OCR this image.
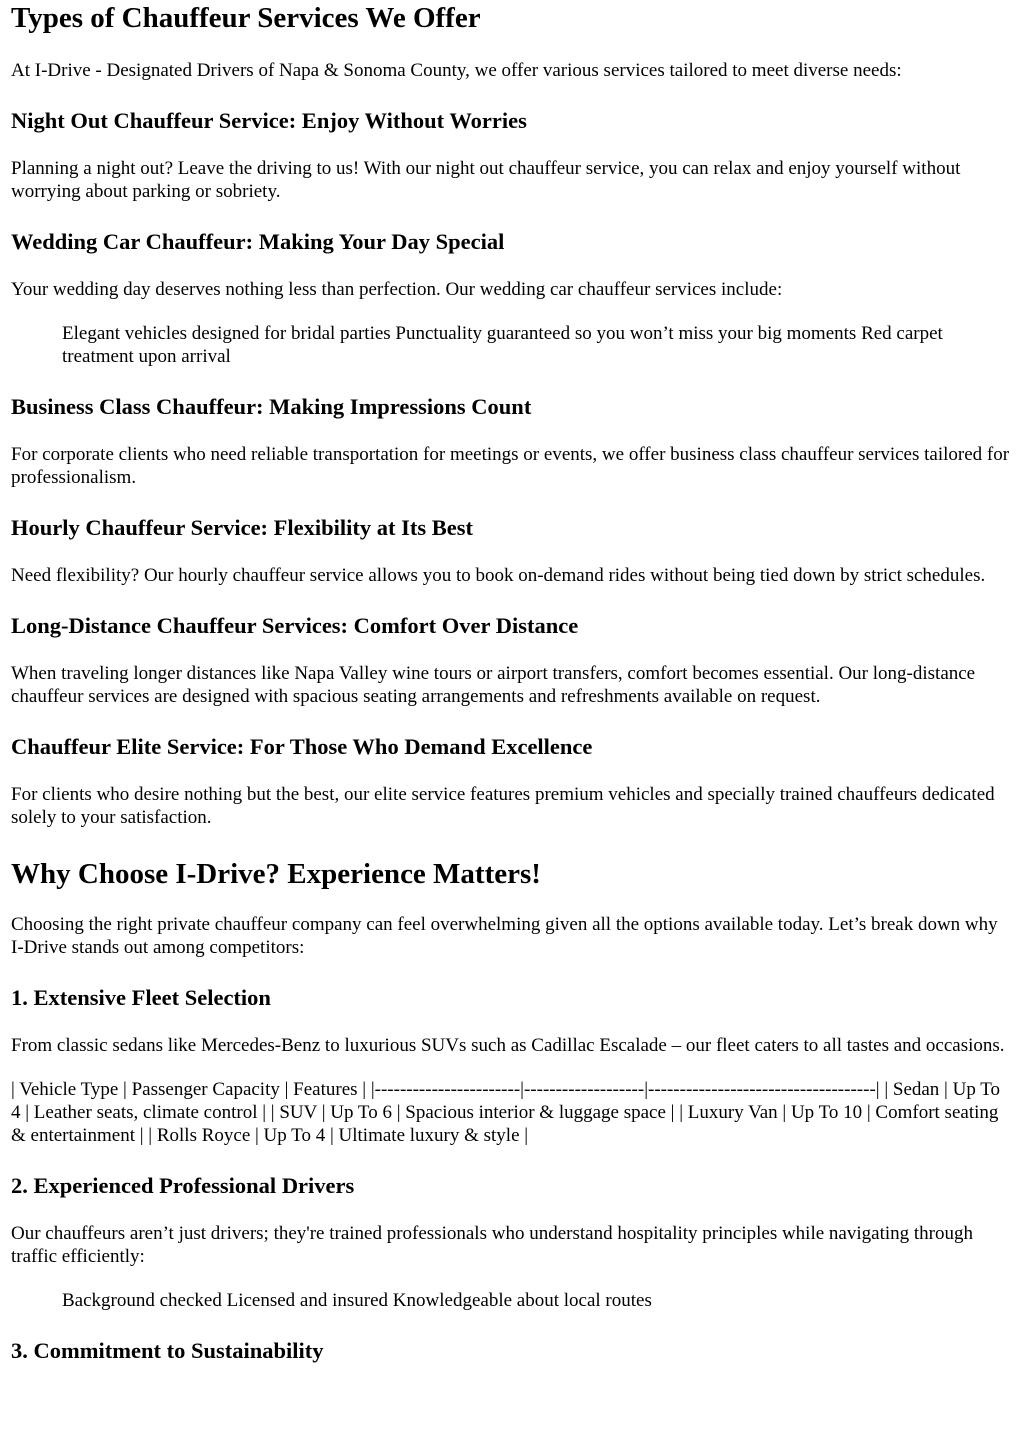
Types of Chauffeur Services We Offer

At I-Drive - Designated Drivers of Napa & Sonoma County, we offer various services tailored to meet diverse needs:

Night Out Chauffeur Service: Enjoy Without Worries

Planning a night out? Leave the driving to us! With our night out chauffeur service, you can relax and enjoy yourself without worrying about parking or sobriety.

Wedding Car Chauffeur: Making Your Day Special

Your wedding day deserves nothing less than perfection. Our wedding car chauffeur services include:

Elegant vehicles designed for bridal parties Punctuality guaranteed so you won’t miss your big moments Red carpet treatment upon arrival
Business Class Chauffeur: Making Impressions Count

For corporate clients who need reliable transportation for meetings or events, we offer business class chauffeur services tailored for professionalism.

Hourly Chauffeur Service: Flexibility at Its Best

Need flexibility? Our hourly chauffeur service allows you to book on-demand rides without being tied down by strict schedules.

Long-Distance Chauffeur Services: Comfort Over Distance

When traveling longer distances like Napa Valley wine tours or airport transfers, comfort becomes essential. Our long-distance chauffeur services are designed with spacious seating arrangements and refreshments available on request.

Chauffeur Elite Service: For Those Who Demand Excellence

For clients who desire nothing but the best, our elite service features premium vehicles and specially trained chauffeurs dedicated solely to your satisfaction.

Why Choose I-Drive? Experience Matters!

Choosing the right private chauffeur company can feel overwhelming given all the options available today. Let’s break down why I-Drive stands out among competitors:

1. Extensive Fleet Selection

From classic sedans like Mercedes-Benz to luxurious SUVs such as Cadillac Escalade – our fleet caters to all tastes and occasions.

| Vehicle Type | Passenger Capacity | Features | |-----------------------|-------------------|------------------------------------| | Sedan | Up To 4 | Leather seats, climate control | | SUV | Up To 6 | Spacious interior & luggage space | | Luxury Van | Up To 10 | Comfort seating & entertainment | | Rolls Royce | Up To 4 | Ultimate luxury & style |

2. Experienced Professional Drivers

Our chauffeurs aren’t just drivers; they're trained professionals who understand hospitality principles while navigating through traffic efficiently:

Background checked Licensed and insured Knowledgeable about local routes
3. Commitment to Sustainability
